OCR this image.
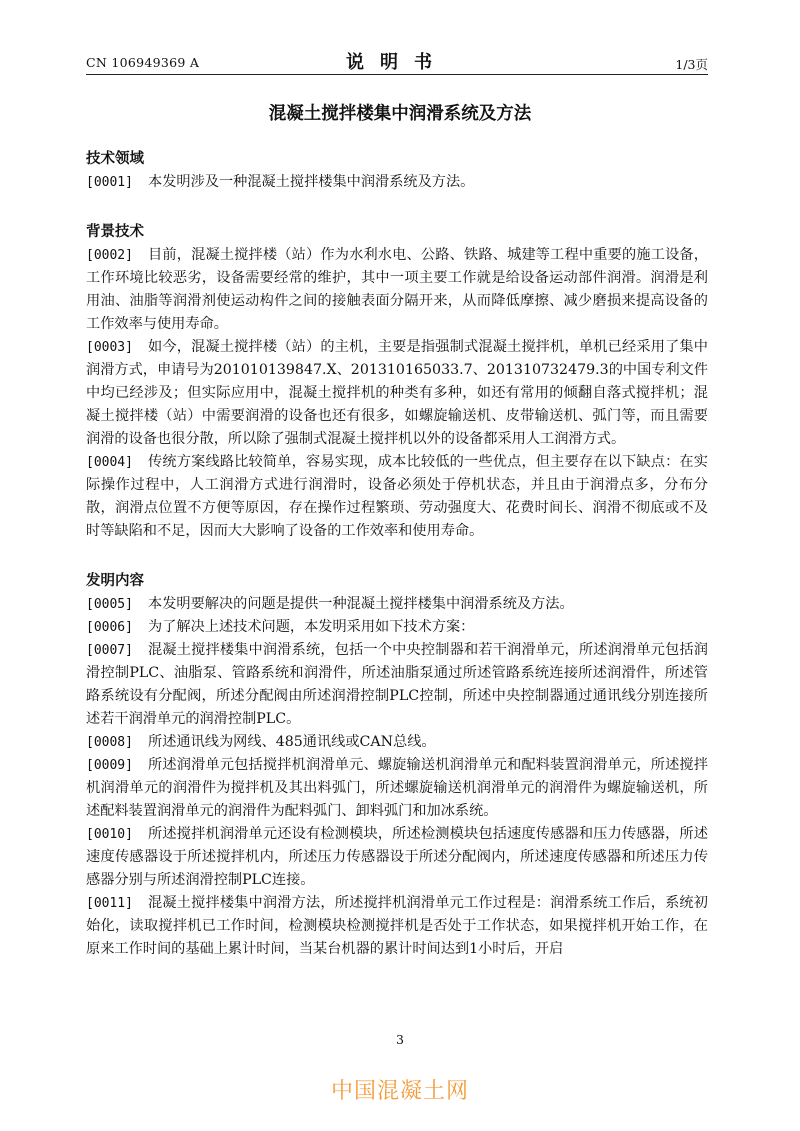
CN 106949369 A	说明书	1/3页
混凝土搅拌楼集中润滑系统及方法
技术领域

[0001] 本发明涉及一种混凝土搅拌楼集中润滑系统及方法。

背景技术

[0002] 目前，混凝土搅拌楼（站）作为水利水电、公路、铁路、城建等工程中重要的施工设备，工作环境比较恶劣，设备需要经常的维护，其中一项主要工作就是给设备运动部件润滑。润滑是利用油、油脂等润滑剂使运动构件之间的接触表面分隔开来，从而降低摩擦、减少磨损来提高设备的工作效率与使用寿命。

[0003] 如今，混凝土搅拌楼（站）的主机，主要是指强制式混凝土搅拌机，单机已经采用了集中润滑方式，申请号为201010139847.X、201310165033.7、201310732479.3的中国专利文件中均已经涉及；但实际应用中，混凝土搅拌机的种类有多种，如还有常用的倾翻自落式搅拌机；混凝土搅拌楼（站）中需要润滑的设备也还有很多，如螺旋输送机、皮带输送机、弧门等，而且需要润滑的设备也很分散，所以除了强制式混凝土搅拌机以外的设备都采用人工润滑方式。

[0004] 传统方案线路比较简单，容易实现，成本比较低的一些优点，但主要存在以下缺点：在实际操作过程中，人工润滑方式进行润滑时，设备必须处于停机状态，并且由于润滑点多，分布分散，润滑点位置不方便等原因，存在操作过程繁琐、劳动强度大、花费时间长、润滑不彻底或不及时等缺陷和不足，因而大大影响了设备的工作效率和使用寿命。

发明内容

[0005] 本发明要解决的问题是提供一种混凝土搅拌楼集中润滑系统及方法。

[0006] 为了解决上述技术问题，本发明采用如下技术方案：

[0007] 混凝土搅拌楼集中润滑系统，包括一个中央控制器和若干润滑单元，所述润滑单元包括润滑控制PLC、油脂泵、管路系统和润滑件，所述油脂泵通过所述管路系统连接所述润滑件，所述管路系统设有分配阀，所述分配阀由所述润滑控制PLC控制，所述中央控制器通过通讯线分别连接所述若干润滑单元的润滑控制PLC。

[0008] 所述通讯线为网线、485通讯线或CAN总线。

[0009] 所述润滑单元包括搅拌机润滑单元、螺旋输送机润滑单元和配料装置润滑单元，所述搅拌机润滑单元的润滑件为搅拌机及其出料弧门，所述螺旋输送机润滑单元的润滑件为螺旋输送机，所述配料装置润滑单元的润滑件为配料弧门、卸料弧门和加冰系统。

[0010] 所述搅拌机润滑单元还设有检测模块，所述检测模块包括速度传感器和压力传感器，所述速度传感器设于所述搅拌机内，所述压力传感器设于所述分配阀内，所述速度传感器和所述压力传感器分别与所述润滑控制PLC连接。

[0011] 混凝土搅拌楼集中润滑方法，所述搅拌机润滑单元工作过程是：润滑系统工作后，系统初始化，读取搅拌机已工作时间，检测模块检测搅拌机是否处于工作状态，如果搅拌机开始工作，在原来工作时间的基础上累计时间，当某台机器的累计时间达到1小时后，开启

3
中国混凝土网
